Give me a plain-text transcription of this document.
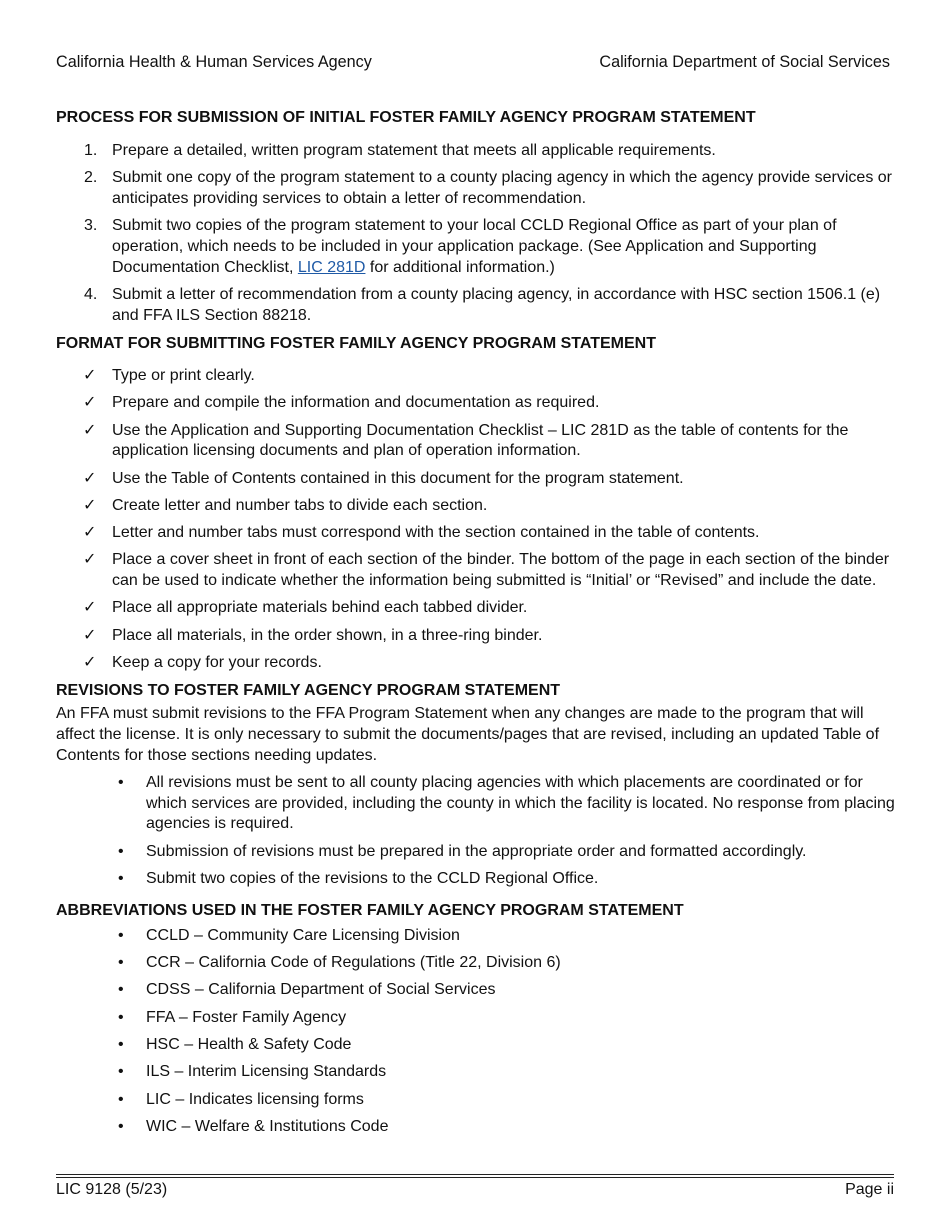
California Health & Human Services Agency	California Department of Social Services

PROCESS FOR SUBMISSION OF INITIAL FOSTER FAMILY AGENCY PROGRAM STATEMENT

1. Prepare a detailed, written program statement that meets all applicable requirements.
2. Submit one copy of the program statement to a county placing agency in which the agency provide services or anticipates providing services to obtain a letter of recommendation.
3. Submit two copies of the program statement to your local CCLD Regional Office as part of your plan of operation, which needs to be included in your application package. (See Application and Supporting Documentation Checklist, LIC 281D for additional information.)
4. Submit a letter of recommendation from a county placing agency, in accordance with HSC section 1506.1 (e) and FFA ILS Section 88218.

FORMAT FOR SUBMITTING FOSTER FAMILY AGENCY PROGRAM STATEMENT

✓ Type or print clearly.
✓ Prepare and compile the information and documentation as required.
✓ Use the Application and Supporting Documentation Checklist – LIC 281D as the table of contents for the application licensing documents and plan of operation information.
✓ Use the Table of Contents contained in this document for the program statement.
✓ Create letter and number tabs to divide each section.
✓ Letter and number tabs must correspond with the section contained in the table of contents.
✓ Place a cover sheet in front of each section of the binder. The bottom of the page in each section of the binder can be used to indicate whether the information being submitted is “Initial’ or “Revised” and include the date.
✓ Place all appropriate materials behind each tabbed divider.
✓ Place all materials, in the order shown, in a three-ring binder.
✓ Keep a copy for your records.

REVISIONS TO FOSTER FAMILY AGENCY PROGRAM STATEMENT

An FFA must submit revisions to the FFA Program Statement when any changes are made to the program that will affect the license. It is only necessary to submit the documents/pages that are revised, including an updated Table of Contents for those sections needing updates.

• All revisions must be sent to all county placing agencies with which placements are coordinated or for which services are provided, including the county in which the facility is located. No response from placing agencies is required.
• Submission of revisions must be prepared in the appropriate order and formatted accordingly.
• Submit two copies of the revisions to the CCLD Regional Office.

ABBREVIATIONS USED IN THE FOSTER FAMILY AGENCY PROGRAM STATEMENT

• CCLD – Community Care Licensing Division
• CCR – California Code of Regulations (Title 22, Division 6)
• CDSS – California Department of Social Services
• FFA – Foster Family Agency
• HSC – Health & Safety Code
• ILS – Interim Licensing Standards
• LIC – Indicates licensing forms
• WIC – Welfare & Institutions Code
LIC 9128 (5/23)	Page ii
